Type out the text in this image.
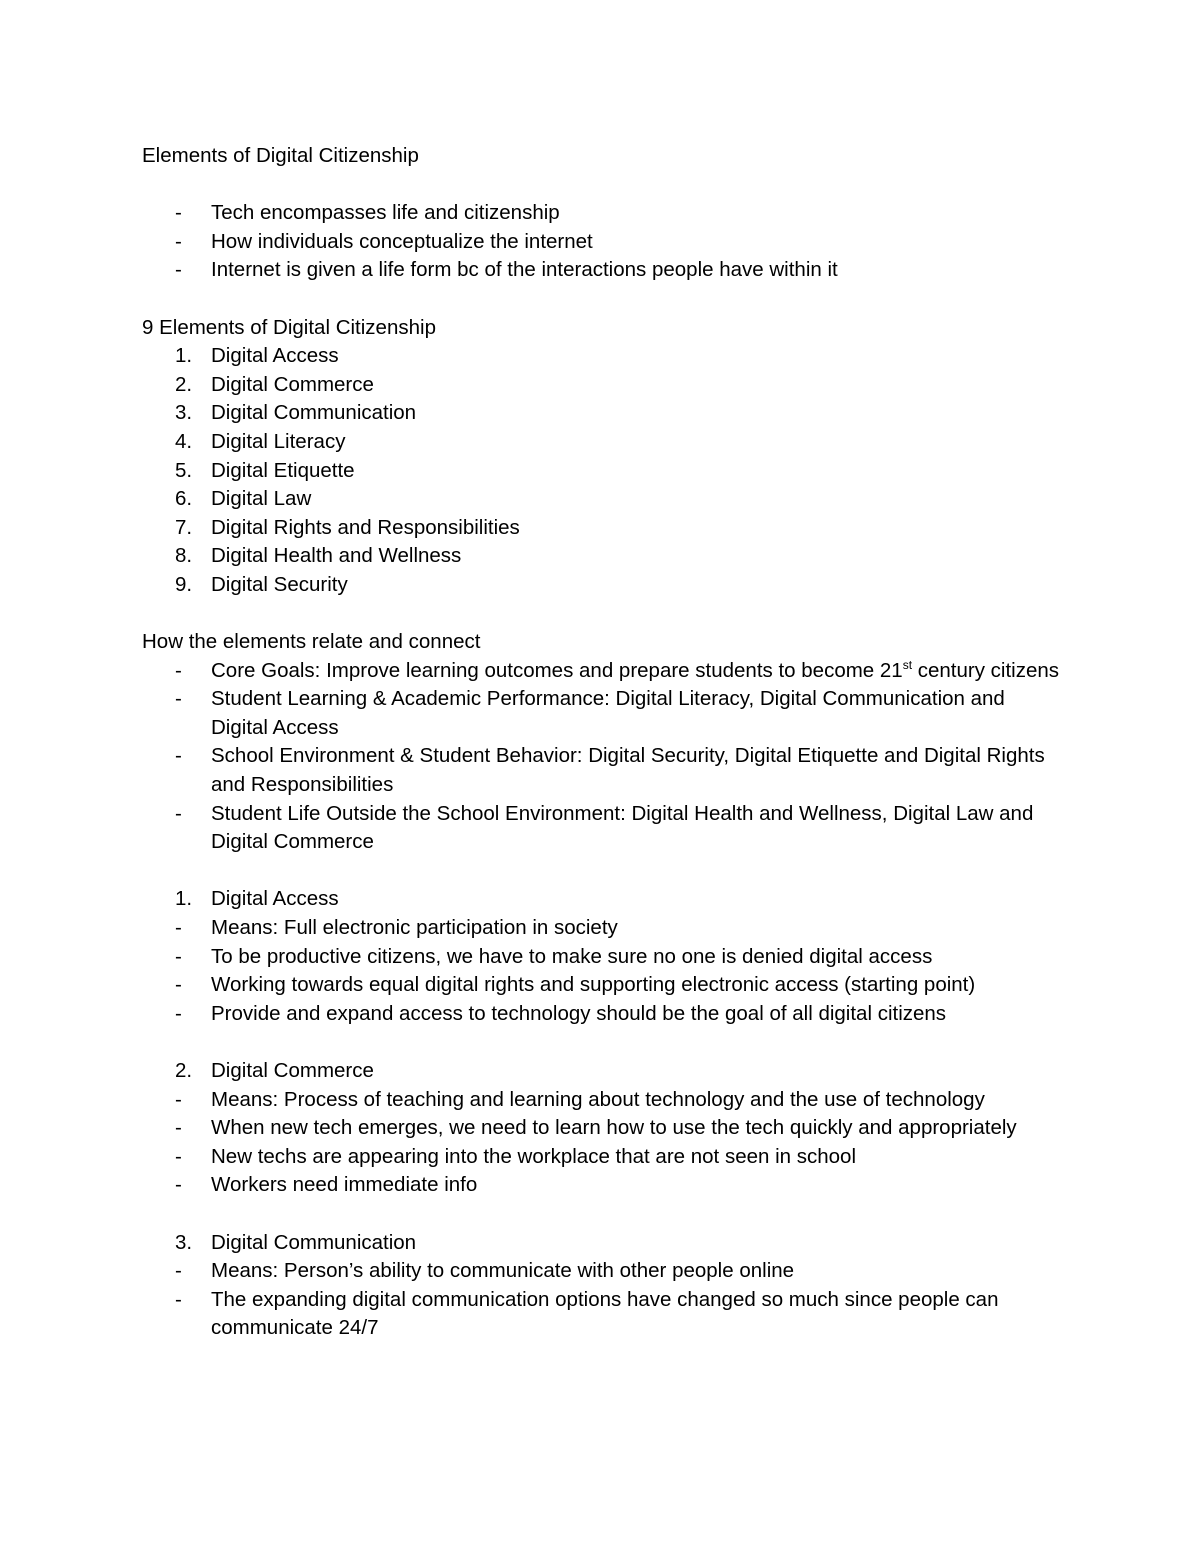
Elements of Digital Citizenship

-	Tech encompasses life and citizenship
-	How individuals conceptualize the internet
-	Internet is given a life form bc of the interactions people have within it

9 Elements of Digital Citizenship

1. Digital Access
2. Digital Commerce
3. Digital Communication
4. Digital Literacy
5. Digital Etiquette
6. Digital Law
7. Digital Rights and Responsibilities
8. Digital Health and Wellness
9. Digital Security

How the elements relate and connect

-	Core Goals: Improve learning outcomes and prepare students to become 21st century citizens
-	Student Learning & Academic Performance: Digital Literacy, Digital Communication and Digital Access
-	School Environment & Student Behavior: Digital Security, Digital Etiquette and Digital Rights and Responsibilities
-	Student Life Outside the School Environment: Digital Health and Wellness, Digital Law and Digital Commerce
1. Digital Access
-	Means: Full electronic participation in society
-	To be productive citizens, we have to make sure no one is denied digital access
-	Working towards equal digital rights and supporting electronic access (starting point)
-	Provide and expand access to technology should be the goal of all digital citizens
2. Digital Commerce
-	Means: Process of teaching and learning about technology and the use of technology
-	When new tech emerges, we need to learn how to use the tech quickly and appropriately
-	New techs are appearing into the workplace that are not seen in school
-	Workers need immediate info
3. Digital Communication
-	Means: Person’s ability to communicate with other people online
-	The expanding digital communication options have changed so much since people can communicate 24/7
